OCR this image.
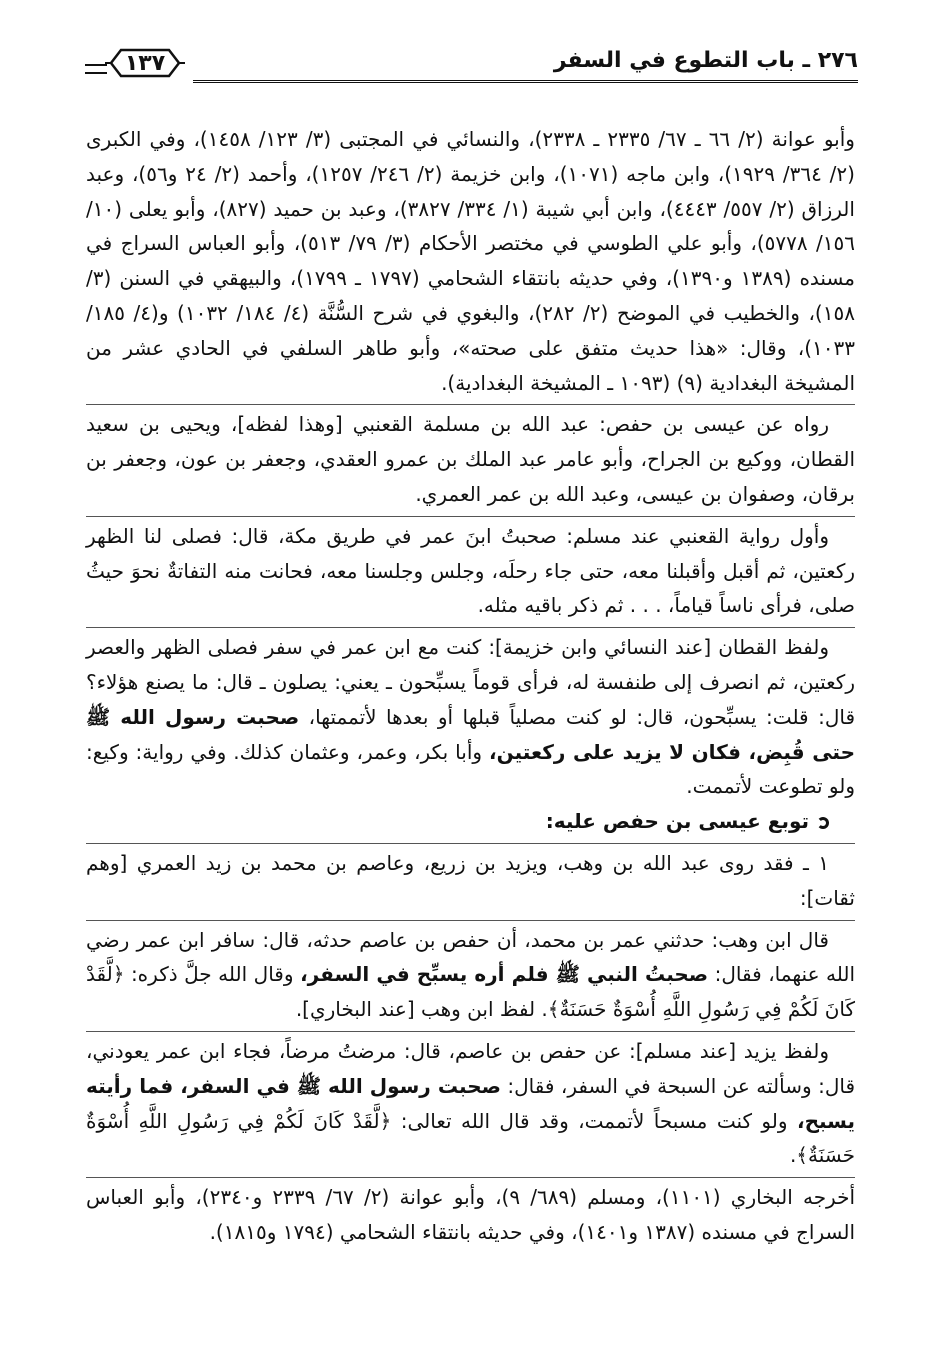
٢٧٦ ـ باب التطوع في السفر
١٣٧

وأبو عوانة (٢/ ٦٦ ـ ٦٧/ ٢٣٣٥ ـ ٢٣٣٨)، والنسائي في المجتبى (٣/ ١٢٣/ ١٤٥٨)، وفي الكبرى (٢/ ٣٦٤/ ١٩٢٩)، وابن ماجه (١٠٧١)، وابن خزيمة (٢/ ٢٤٦/ ١٢٥٧)، وأحمد (٢/ ٢٤ و٥٦)، وعبد الرزاق (٢/ ٥٥٧/ ٤٤٤٣)، وابن أبي شيبة (١/ ٣٣٤/ ٣٨٢٧)، وعبد بن حميد (٨٢٧)، وأبو يعلى (١٠/ ١٥٦/ ٥٧٧٨)، وأبو علي الطوسي في مختصر الأحكام (٣/ ٧٩/ ٥١٣)، وأبو العباس السراج في مسنده (١٣٨٩ و١٣٩٠)، وفي حديثه بانتقاء الشحامي (١٧٩٧ ـ ١٧٩٩)، والبيهقي في السنن (٣/ ١٥٨)، والخطيب في الموضح (٢/ ٢٨٢)، والبغوي في شرح السُّنَّة (٤/ ١٨٤/ ١٠٣٢) و(٤/ ١٨٥/ ١٠٣٣)، وقال: «هذا حديث متفق على صحته»، وأبو طاهر السلفي في الحادي عشر من المشيخة البغدادية (٩) (١٠٩٣ ـ المشيخة البغدادية).

رواه عن عيسى بن حفص: عبد الله بن مسلمة القعنبي [وهذا لفظه]، ويحيى بن سعيد القطان، ووكيع بن الجراح، وأبو عامر عبد الملك بن عمرو العقدي، وجعفر بن عون، وجعفر بن برقان، وصفوان بن عيسى، وعبد الله بن عمر العمري.

وأول رواية القعنبي عند مسلم: صحبتُ ابنَ عمر في طريق مكة، قال: فصلى لنا الظهر ركعتين، ثم أقبل وأقبلنا معه، حتى جاء رحلَه، وجلس وجلسنا معه، فحانت منه التفاتةٌ نحوَ حيثُ صلى، فرأى ناساً قياماً، . . . ثم ذكر باقيه مثله.

ولفظ القطان [عند النسائي وابن خزيمة]: كنت مع ابن عمر في سفر فصلى الظهر والعصر ركعتين، ثم انصرف إلى طنفسة له، فرأى قوماً يسبِّحون ـ يعني: يصلون ـ قال: ما يصنع هؤلاء؟ قال: قلت: يسبِّحون، قال: لو كنت مصلياً قبلها أو بعدها لأتممتها، صحبت رسول الله ﷺ حتى قُبِض، فكان لا يزيد على ركعتين، وأبا بكر، وعمر، وعثمان كذلك. وفي رواية: وكيع: ولو تطوعت لأتممت.

توبع عيسى بن حفص عليه:

١ ـ فقد روى عبد الله بن وهب، ويزيد بن زريع، وعاصم بن محمد بن زيد العمري [وهم ثقات]:

قال ابن وهب: حدثني عمر بن محمد، أن حفص بن عاصم حدثه، قال: سافر ابن عمر رضي الله عنهما، فقال: صحبتُ النبي ﷺ فلم أره يسبِّح في السفر، وقال الله جلَّ ذكره: ﴿لَّقَدْ كَانَ لَكُمْ فِي رَسُولِ اللَّهِ أُسْوَةٌ حَسَنَةٌ﴾. لفظ ابن وهب [عند البخاري].

ولفظ يزيد [عند مسلم]: عن حفص بن عاصم، قال: مرضتُ مرضاً، فجاء ابن عمر يعودني، قال: وسألته عن السبحة في السفر، فقال: صحبت رسول الله ﷺ في السفر، فما رأيته يسبح، ولو كنت مسبحاً لأتممت، وقد قال الله تعالى: ﴿لَّقَدْ كَانَ لَكُمْ فِي رَسُولِ اللَّهِ أُسْوَةٌ حَسَنَةٌ﴾.

أخرجه البخاري (١١٠١)، ومسلم (٦٨٩/ ٩)، وأبو عوانة (٢/ ٦٧/ ٢٣٣٩ و٢٣٤٠)، وأبو العباس السراج في مسنده (١٣٨٧ و١٤٠١)، وفي حديثه بانتقاء الشحامي (١٧٩٤ و١٨١٥).
